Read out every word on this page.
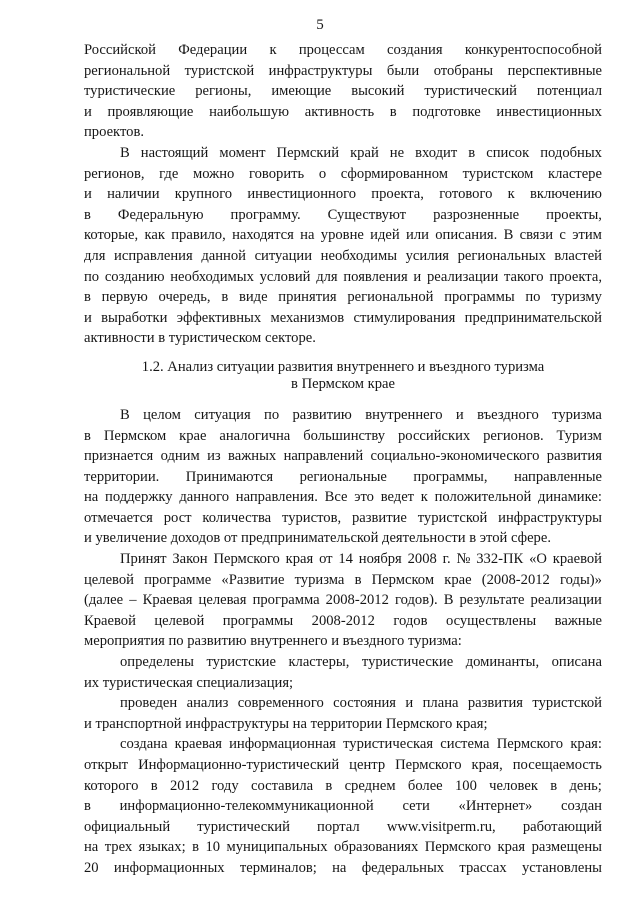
5
Российской Федерации к процессам создания конкурентоспособной
региональной туристской инфраструктуры были отобраны перспективные
туристические регионы, имеющие высокий туристический потенциал
и проявляющие наибольшую активность в подготовке инвестиционных
проектов.
В настоящий момент Пермский край не входит в список подобных
регионов, где можно говорить о сформированном туристском кластере
и наличии крупного инвестиционного проекта, готового к включению
в Федеральную программу. Существуют разрозненные проекты,
которые, как правило, находятся на уровне идей или описания. В связи с этим
для исправления данной ситуации необходимы усилия региональных властей
по созданию необходимых условий для появления и реализации такого проекта,
в первую очередь, в виде принятия региональной программы по туризму
и выработки эффективных механизмов стимулирования предпринимательской
активности в туристическом секторе.
1.2. Анализ ситуации развития внутреннего и въездного туризма
в Пермском крае
В целом ситуация по развитию внутреннего и въездного туризма
в Пермском крае аналогична большинству российских регионов. Туризм
признается одним из важных направлений социально-экономического развития
территории. Принимаются региональные программы, направленные
на поддержку данного направления. Все это ведет к положительной динамике:
отмечается рост количества туристов, развитие туристской инфраструктуры
и увеличение доходов от предпринимательской деятельности в этой сфере.
Принят Закон Пермского края от 14 ноября 2008 г. № 332-ПК «О краевой
целевой программе «Развитие туризма в Пермском крае (2008-2012 годы)»
(далее – Краевая целевая программа 2008-2012 годов). В результате реализации
Краевой целевой программы 2008-2012 годов осуществлены важные
мероприятия по развитию внутреннего и въездного туризма:
определены туристские кластеры, туристические доминанты, описана
их туристическая специализация;
проведен анализ современного состояния и плана развития туристской
и транспортной инфраструктуры на территории Пермского края;
создана краевая информационная туристическая система Пермского края:
открыт Информационно-туристический центр Пермского края, посещаемость
которого в 2012 году составила в среднем более 100 человек в день;
в информационно-телекоммуникационной сети «Интернет» создан
официальный туристический портал www.visitperm.ru, работающий
на трех языках; в 10 муниципальных образованиях Пермского края размещены
20 информационных терминалов; на федеральных трассах установлены
